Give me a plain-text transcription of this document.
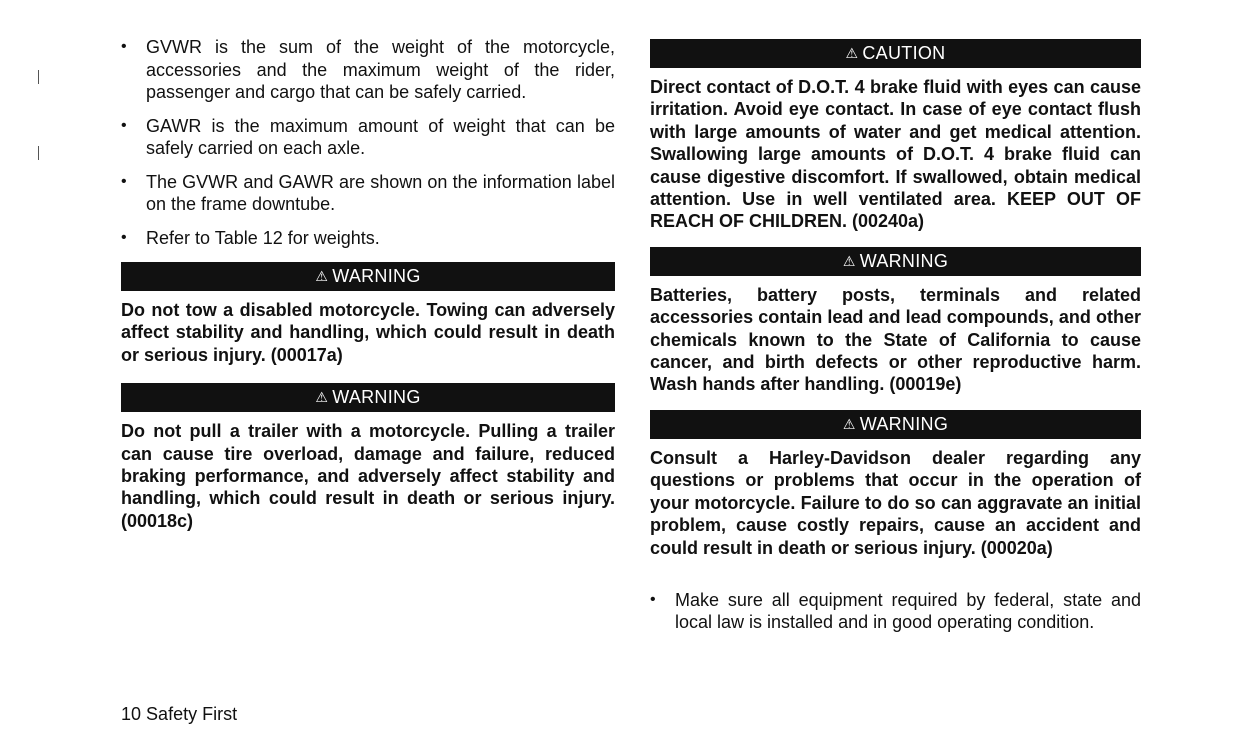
• GVWR is the sum of the weight of the motorcycle, accessories and the maximum weight of the rider, passenger and cargo that can be safely carried.
• GAWR is the maximum amount of weight that can be safely carried on each axle.
• The GVWR and GAWR are shown on the information label on the frame downtube.
• Refer to Table 12 for weights.
⚠ WARNING
Do not tow a disabled motorcycle. Towing can adversely affect stability and handling, which could result in death or serious injury. (00017a)
⚠ WARNING
Do not pull a trailer with a motorcycle. Pulling a trailer can cause tire overload, damage and failure, reduced braking performance, and adversely affect stability and handling, which could result in death or serious injury. (00018c)
⚠ CAUTION
Direct contact of D.O.T. 4 brake fluid with eyes can cause irritation. Avoid eye contact. In case of eye contact flush with large amounts of water and get medical attention. Swallowing large amounts of D.O.T. 4 brake fluid can cause digestive discomfort. If swallowed, obtain medical attention. Use in well ventilated area. KEEP OUT OF REACH OF CHILDREN. (00240a)
⚠ WARNING
Batteries, battery posts, terminals and related accessories contain lead and lead compounds, and other chemicals known to the State of California to cause cancer, and birth defects or other reproductive harm. Wash hands after handling. (00019e)
⚠ WARNING
Consult a Harley-Davidson dealer regarding any questions or problems that occur in the operation of your motorcycle. Failure to do so can aggravate an initial problem, cause costly repairs, cause an accident and could result in death or serious injury. (00020a)
• Make sure all equipment required by federal, state and local law is installed and in good operating condition.
10 Safety First
